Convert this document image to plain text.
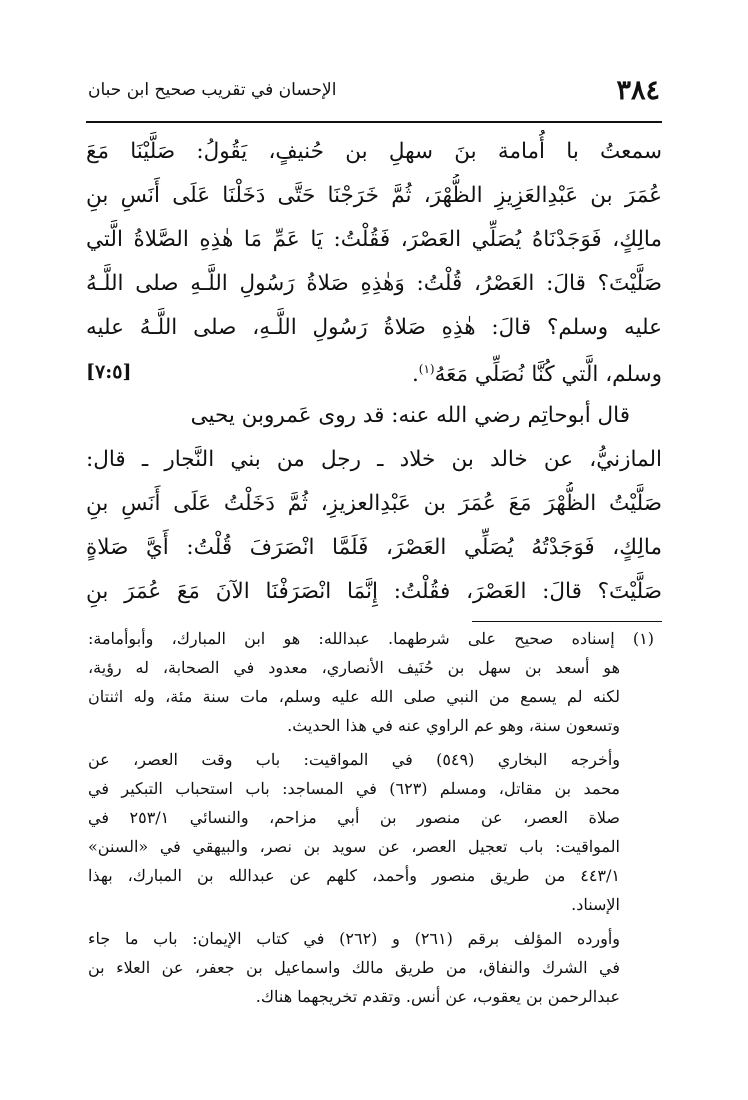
٣٨٤
الإحسان في تقريب صحيح ابن حبان
سمعتُ با أُمامة بنَ سهلِ بن حُنيفٍ، يَقُولُ: صَلَّيْنَا مَعَ
عُمَرَ بن عَبْدِالعَزِيزِ الظُّهْرَ، ثُمَّ خَرَجْنَا حَتَّى دَخَلْنَا عَلَى أَنَسِ بنِ
مالِكٍ، فَوَجَدْنَاهُ يُصَلِّي العَصْرَ، فَقُلْتُ: يَا عَمِّ مَا هٰذِهِ الصَّلاةُ الَّتي
صَلَّيْتَ؟ قالَ: العَصْرُ، قُلْتُ: وَهٰذِهِ صَلاةُ رَسُولِ اللَّـهِ صلى اللَّـهُ
عليه وسلم؟ قالَ: هٰذِهِ صَلاةُ رَسُولِ اللَّـهِ، صلى اللَّـهُ عليه
وسلم، الَّتي كُنَّا نُصَلِّي مَعَهُ$^{(١)}$.
[٧:٥]
قال أبوحاتِم رضي الله عنه: قد روى عَمروبن يحيى
المازنيُّ، عن خالد بن خلاد ـ رجل من بني النَّجار ـ قال:
صَلَّيْتُ الظُّهْرَ مَعَ عُمَرَ بن عَبْدِالعزيزِ، ثُمَّ دَخَلْتُ عَلَى أَنَسِ بنِ
مالِكٍ، فَوَجَدْتُهُ يُصَلِّي العَصْرَ، فَلَمَّا انْصَرَفَ قُلْتُ: أَيَّ صَلاةٍ
صَلَّيْتَ؟ قالَ: العَصْرَ، فقُلْتُ: إِنَّمَا انْصَرَفْنَا الآنَ مَعَ عُمَرَ بنِ
(١) إسناده صحيح على شرطهما. عبدالله: هو ابن المبارك، وأبوأمامة:
هو أسعد بن سهل بن حُنَيف الأنصاري، معدود في الصحابة، له رؤية،
لكنه لم يسمع من النبي صلى الله عليه وسلم، مات سنة مئة، وله اثنتان
وتسعون سنة، وهو عم الراوي عنه في هذا الحديث.
وأخرجه البخاري (٥٤٩) في المواقيت: باب وقت العصر، عن
محمد بن مقاتل، ومسلم (٦٢٣) في المساجد: باب استحباب التبكير في
صلاة العصر، عن منصور بن أبي مزاحم، والنسائي ٢٥٣/١ في
المواقيت: باب تعجيل العصر، عن سويد بن نصر، والبيهقي في «السنن»
٤٤٣/١ من طريق منصور وأحمد، كلهم عن عبدالله بن المبارك، بهذا
الإسناد.
وأورده المؤلف برقم (٢٦١) و (٢٦٢) في كتاب الإيمان: باب ما جاء
في الشرك والنفاق، من طريق مالك واسماعيل بن جعفر، عن العلاء بن
عبدالرحمن بن يعقوب، عن أنس. وتقدم تخريجهما هناك.
